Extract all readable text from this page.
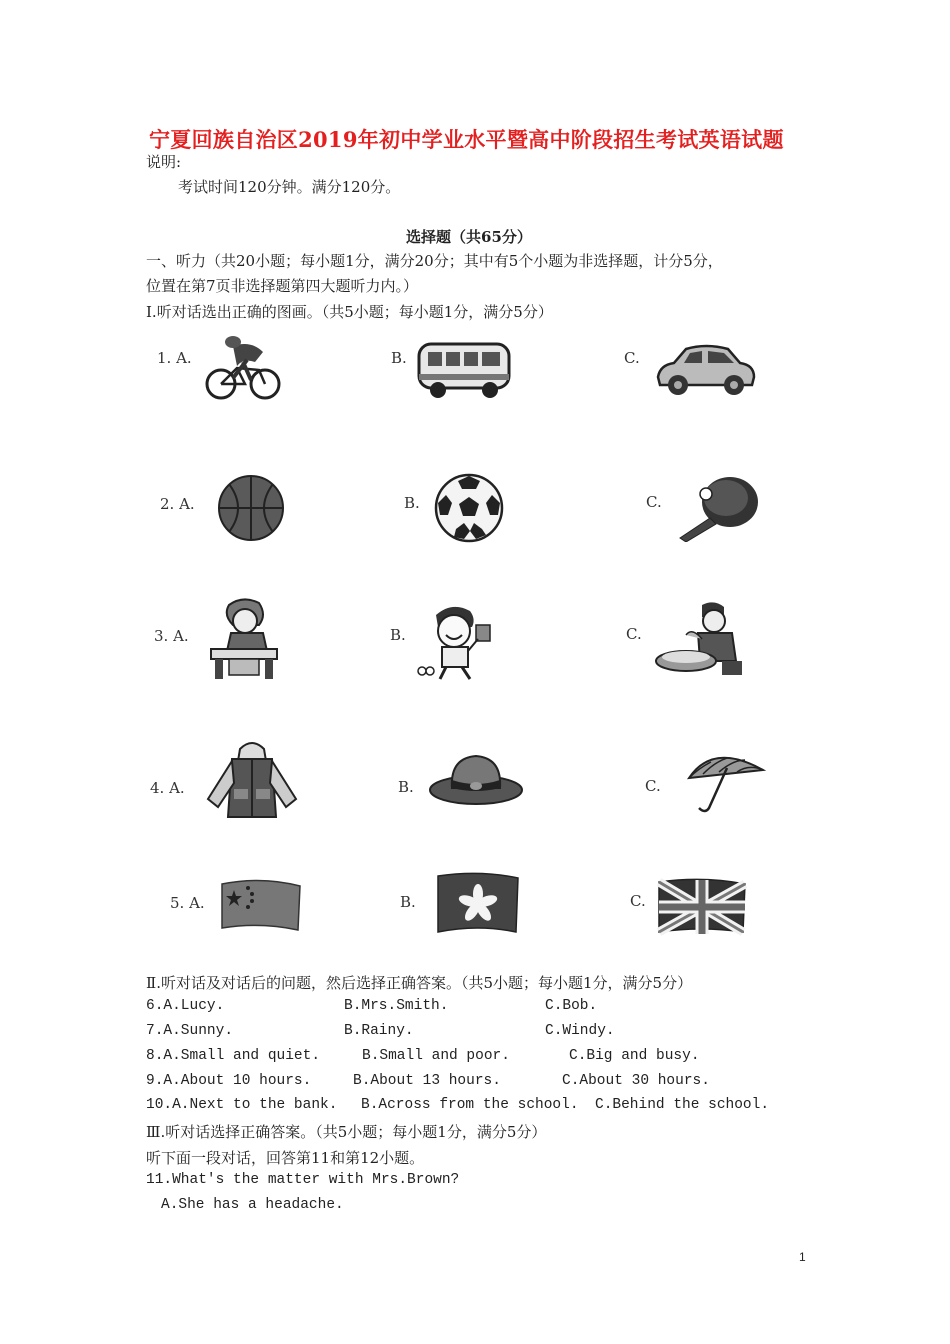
宁夏回族自治区2019年初中学业水平暨高中阶段招生考试英语试题
说明:
考试时间120分钟。满分120分。
选择题（共65分）
一、听力（共20小题；每小题1分，满分20分；其中有5个小题为非选择题，计分5分，
位置在第7页非选择题第四大题听力内。）
Ⅰ.听对话选出正确的图画。（共5小题；每小题1分，满分5分）
1. A.	B.	C.
2. A.	B.	C.
3. A.	B.	C.
4. A.	B.	C.
5. A.	B.	C.
Ⅱ.听对话及对话后的问题，然后选择正确答案。（共5小题；每小题1分，满分5分）
6.A.Lucy.	B.Mrs.Smith.	C.Bob.
7.A.Sunny.	B.Rainy.	C.Windy.
8.A.Small and quiet.	B.Small and poor.	C.Big and busy.
9.A.About 10 hours.	B.About 13 hours.	C.About 30 hours.
10.A.Next to the bank. B.Across from the school. C.Behind the school.
Ⅲ.听对话选择正确答案。（共5小题；每小题1分，满分5分）
听下面一段对话，回答第11和第12小题。
11.What's the matter with Mrs.Brown?
A.She has a headache.
1
